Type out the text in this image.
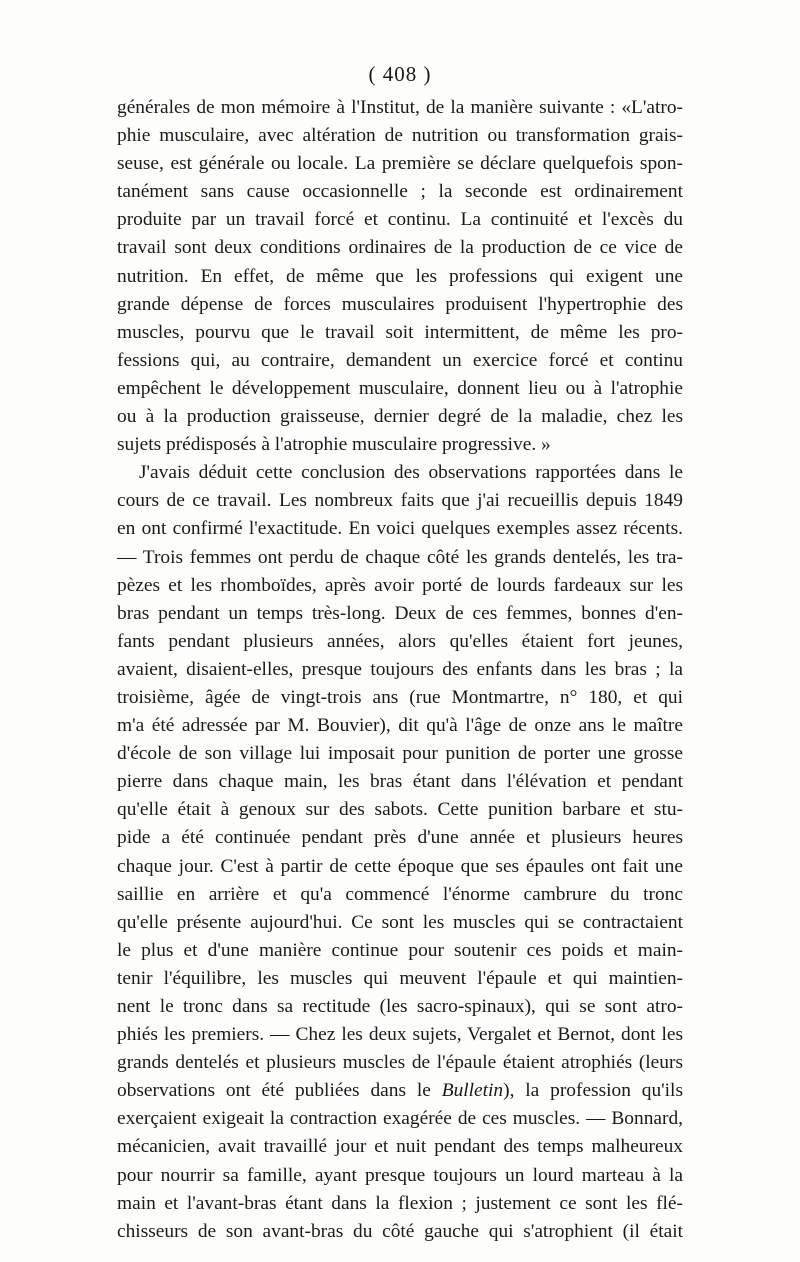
( 408 )
générales de mon mémoire à l'Institut, de la manière suivante : «L'atro-
phie musculaire, avec altération de nutrition ou transformation grais-
seuse, est générale ou locale. La première se déclare quelquefois spon-
tanément sans cause occasionnelle ; la seconde est ordinairement
produite par un travail forcé et continu. La continuité et l'excès du
travail sont deux conditions ordinaires de la production de ce vice de
nutrition. En effet, de même que les professions qui exigent une
grande dépense de forces musculaires produisent l'hypertrophie des
muscles, pourvu que le travail soit intermittent, de même les pro-
fessions qui, au contraire, demandent un exercice forcé et continu
empêchent le développement musculaire, donnent lieu ou à l'atrophie
ou à la production graisseuse, dernier degré de la maladie, chez les
sujets prédisposés à l'atrophie musculaire progressive. »
J'avais déduit cette conclusion des observations rapportées dans le
cours de ce travail. Les nombreux faits que j'ai recueillis depuis 1849
en ont confirmé l'exactitude. En voici quelques exemples assez récents.
— Trois femmes ont perdu de chaque côté les grands dentelés, les tra-
pèzes et les rhomboïdes, après avoir porté de lourds fardeaux sur les
bras pendant un temps très-long. Deux de ces femmes, bonnes d'en-
fants pendant plusieurs années, alors qu'elles étaient fort jeunes,
avaient, disaient-elles, presque toujours des enfants dans les bras ; la
troisième, âgée de vingt-trois ans (rue Montmartre, n° 180, et qui
m'a été adressée par M. Bouvier), dit qu'à l'âge de onze ans le maître
d'école de son village lui imposait pour punition de porter une grosse
pierre dans chaque main, les bras étant dans l'élévation et pendant
qu'elle était à genoux sur des sabots. Cette punition barbare et stu-
pide a été continuée pendant près d'une année et plusieurs heures
chaque jour. C'est à partir de cette époque que ses épaules ont fait une
saillie en arrière et qu'a commencé l'énorme cambrure du tronc
qu'elle présente aujourd'hui. Ce sont les muscles qui se contractaient
le plus et d'une manière continue pour soutenir ces poids et main-
tenir l'équilibre, les muscles qui meuvent l'épaule et qui maintien-
nent le tronc dans sa rectitude (les sacro-spinaux), qui se sont atro-
phiés les premiers. — Chez les deux sujets, Vergalet et Bernot, dont les
grands dentelés et plusieurs muscles de l'épaule étaient atrophiés (leurs
observations ont été publiées dans le Bulletin), la profession qu'ils
exerçaient exigeait la contraction exagérée de ces muscles. — Bonnard,
mécanicien, avait travaillé jour et nuit pendant des temps malheureux
pour nourrir sa famille, ayant presque toujours un lourd marteau à la
main et l'avant-bras étant dans la flexion ; justement ce sont les flé-
chisseurs de son avant-bras du côté gauche qui s'atrophient (il était
